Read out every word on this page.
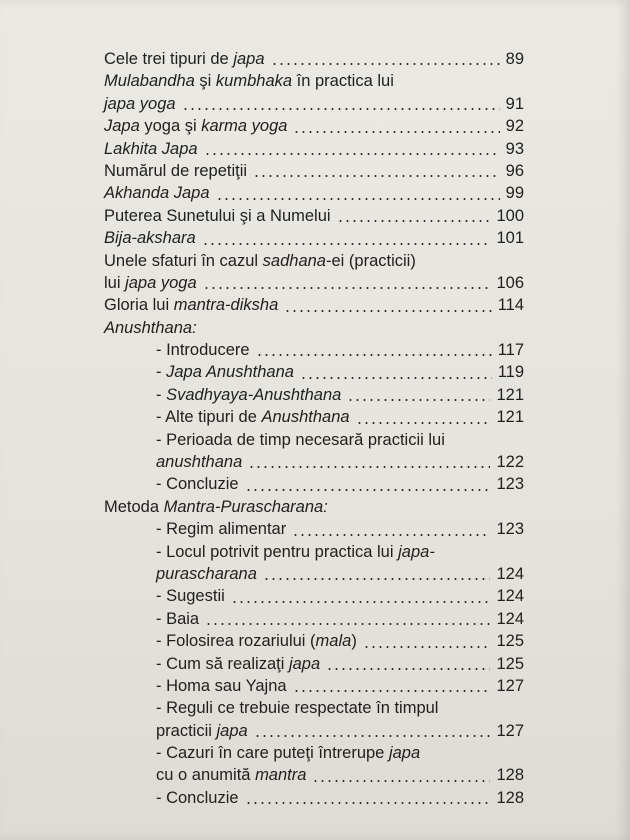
Cele trei tipuri de japa	89
Mulabandha şi kumbhaka în practica lui
japa yoga	91
Japa yoga şi karma yoga	92
Lakhita Japa	93
Numărul de repetiţii	96
Akhanda Japa	99
Puterea Sunetului şi a Numelui	100
Bija-akshara	101
Unele sfaturi în cazul sadhana-ei (practicii)
lui japa yoga	106
Gloria lui mantra-diksha	114
Anushthana:
- Introducere	117
- Japa Anushthana	119
- Svadhyaya-Anushthana	121
- Alte tipuri de Anushthana	121
- Perioada de timp necesară practicii lui
anushthana	122
- Concluzie	123
Metoda Mantra-Purascharana:
- Regim alimentar	123
- Locul potrivit pentru practica lui japa-
purascharana	124
- Sugestii	124
- Baia	124
- Folosirea rozariului (mala)	125
- Cum să realizaţi japa	125
- Homa sau Yajna	127
- Reguli ce trebuie respectate în timpul
practicii japa	127
- Cazuri în care puteţi întrerupe japa
cu o anumită mantra	128
- Concluzie	128
